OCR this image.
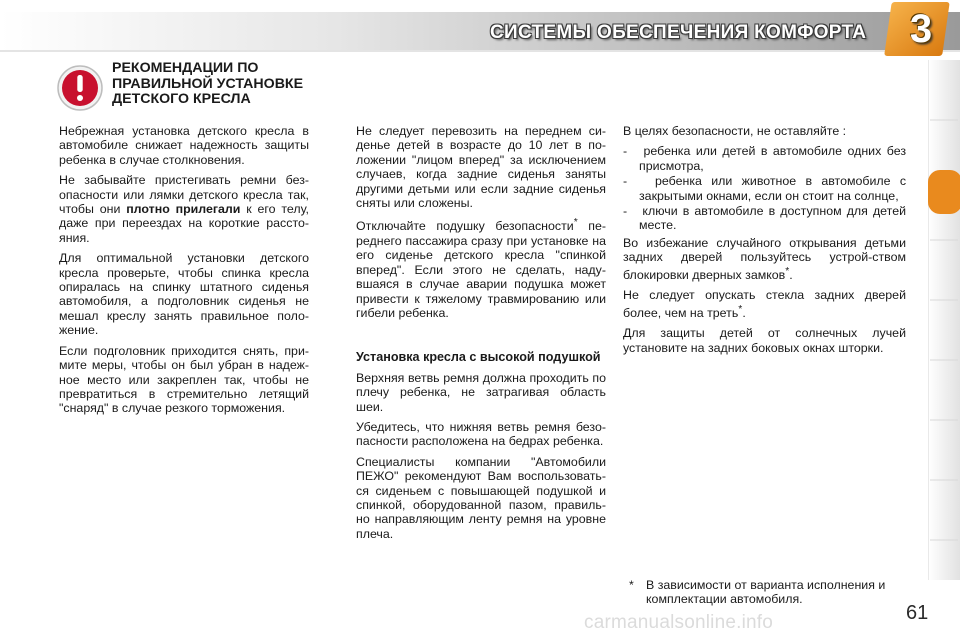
СИСТЕМЫ ОБЕСПЕЧЕНИЯ КОМФОРТА 3
РЕКОМЕНДАЦИИ ПО
ПРАВИЛЬНОЙ УСТАНОВКЕ
ДЕТСКОГО КРЕСЛА

Небрежная установка детского кресла в автомобиле снижает надежность защиты ребенка в случае столкновения.

Не забывайте пристегивать ремни без-опасности или лямки детского кресла так, чтобы они плотно прилегали к его телу, даже при переездах на короткие рассто-яния.

Для оптимальной установки детского кресла проверьте, чтобы спинка кресла опиралась на спинку штатного сиденья автомобиля, а подголовник сиденья не мешал креслу занять правильное поло-жение.

Если подголовник приходится снять, при-мите меры, чтобы он был убран в надеж-ное место или закреплен так, чтобы не превратиться в стремительно летящий "снаряд" в случае резкого торможения.

Не следует перевозить на переднем си-денье детей в возрасте до 10 лет в по-ложении "лицом вперед" за исключением случаев, когда задние сиденья заняты другими детьми или если задние сиденья сняты или сложены.

Отключайте подушку безопасности* пе-реднего пассажира сразу при установке на его сиденье детского кресла "спинкой вперед". Если этого не сделать, наду-вшаяся в случае аварии подушка может привести к тяжелому травмированию или гибели ребенка.

Установка кресла с высокой подушкой

Верхняя ветвь ремня должна проходить по плечу ребенка, не затрагивая область шеи.

Убедитесь, что нижняя ветвь ремня безо-пасности расположена на бедрах ребенка.

Специалисты компании "Автомобили ПЕЖО" рекомендуют Вам воспользовать-ся сиденьем с повышающей подушкой и спинкой, оборудованной пазом, правиль-но направляющим ленту ремня на уровне плеча.

В целях безопасности, не оставляйте :

- ребенка или детей в автомобиле одних без присмотра,
- ребенка или животное в автомобиле с закрытыми окнами, если он стоит на солнце,
- ключи в автомобиле в доступном для детей месте.

Во избежание случайного открывания детьми задних дверей пользуйтесь устрой-ством блокировки дверных замков*.

Не следует опускать стекла задних дверей более, чем на треть*.

Для защиты детей от солнечных лучей установите на задних боковых окнах шторки.

* В зависимости от варианта исполнения и комплектации автомобиля.
carmanualsonline.info	61
